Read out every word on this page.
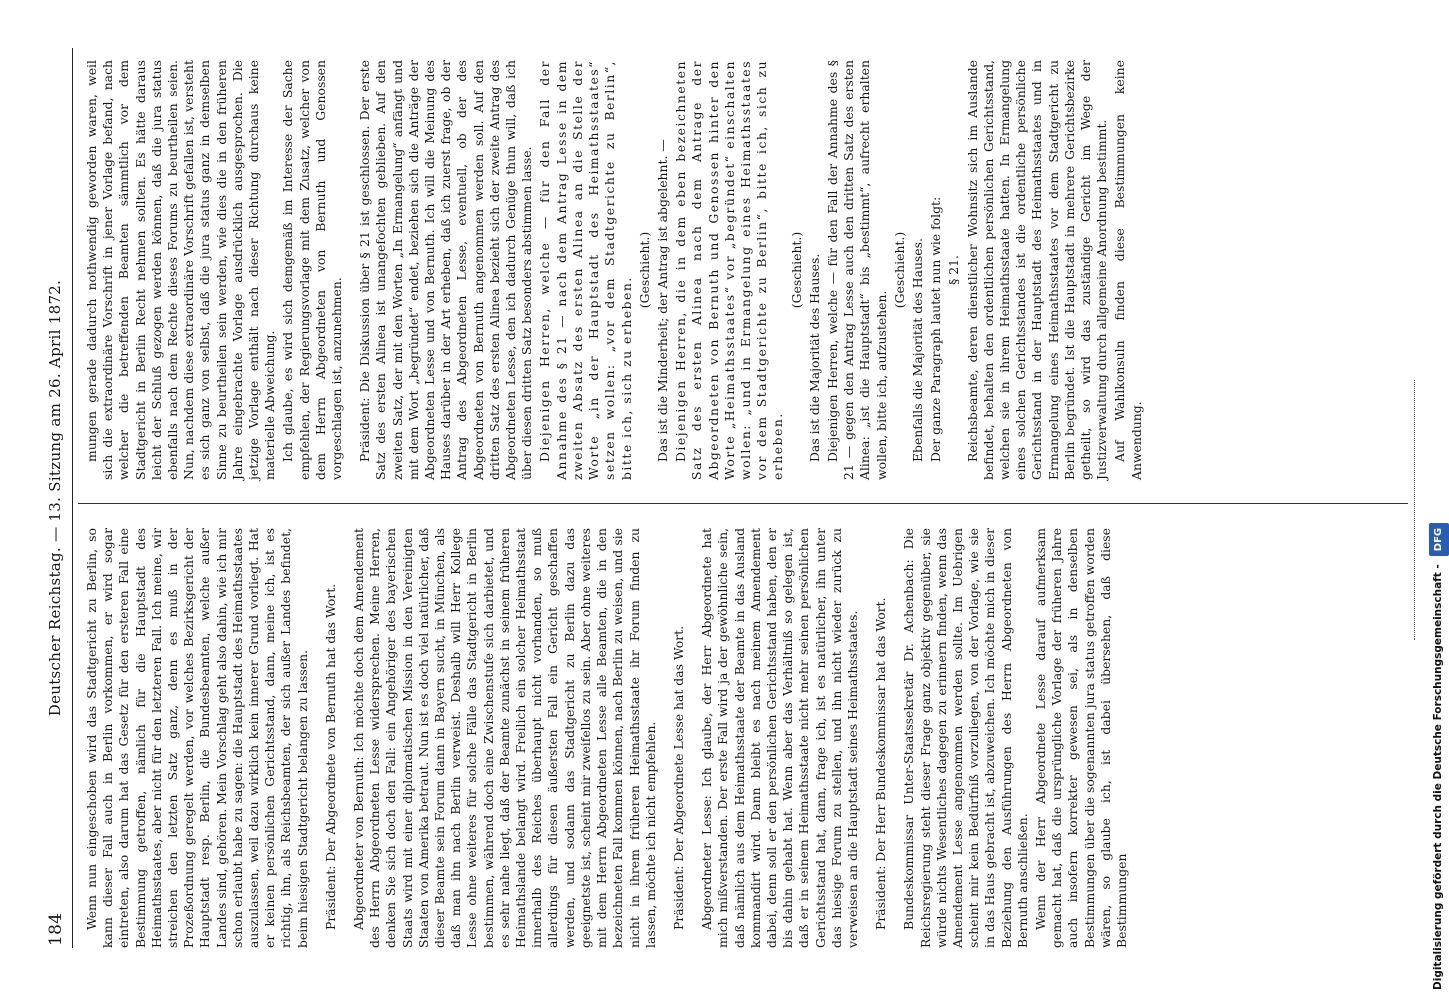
184
Deutscher Reichstag. — 13. Sitzung am 26. April 1872.

Wenn nun eingeschoben wird das Stadtgericht zu Berlin, so kann dieser Fall auch in Berlin vorkommen, er wird sogar eintreten, also darum hat das Gesetz für den ersteren Fall eine Bestimmung getroffen, nämlich für die Hauptstadt des Heimathsstaates, aber nicht für den letzteren Fall. Ich meine, wir streichen den letzten Satz ganz, denn es muß in der Prozeßordnung geregelt werden, vor welches Bezirksgericht der Hauptstadt resp. Berlin, die Bundesbeamten, welche außer Landes sind, gehören. Mein Vorschlag geht also dahin, wie ich mir schon erlaubt habe zu sagen: die Hauptstadt des Heimathsstaates auszulassen, weil dazu wirklich kein innerer Grund vorliegt. Hat er keinen persönlichen Gerichtsstand, dann, meine ich, ist es richtig, ihn, als Reichsbeamten, der sich außer Landes befindet, beim hiesigen Stadtgericht belangen zu lassen. Präsident: Der Abgeordnete von Bernuth hat das Wort. Abgeordneter von Bernuth: Ich möchte doch dem Amendement des Herrn Abgeordneten Lesse widersprechen. Meine Herren, denken Sie sich doch den Fall: ein Angehöriger des bayerischen Staats wird mit einer diplomatischen Mission in den Vereinigten Staaten von Amerika betraut. Nun ist es doch viel natürlicher, daß dieser Beamte sein Forum dann in Bayern sucht, in München, als daß man ihn nach Berlin verweist. Deshalb will Herr Kollege Lesse ohne weiteres für solche Fälle das Stadtgericht in Berlin bestimmen, während doch eine Zwischenstufe sich darbietet, und es sehr nahe liegt, daß der Beamte zunächst in seinem früheren Heimathslande belangt wird. Freilich ein solcher Heimathsstaat innerhalb des Reiches überhaupt nicht vorhanden, so muß allerdings für diesen äußersten Fall ein Gericht geschaffen werden, und sodann das Stadtgericht zu Berlin dazu das geeignetste ist, scheint mir zweifellos zu sein. Aber ohne weiteres mit dem Herrn Abgeordneten Lesse alle Beamten, die in den bezeichneten Fall kommen können, nach Berlin zu weisen, und sie nicht in ihrem früheren Heimathsstaate ihr Forum finden zu lassen, möchte ich nicht empfehlen. Präsident: Der Abgeordnete Lesse hat das Wort. Abgeordneter Lesse: Ich glaube, der Herr Abgeordnete hat mich mißverstanden. Der erste Fall wird ja der gewöhnliche sein, daß nämlich aus dem Heimathsstaate der Beamte in das Ausland kommandirt wird. Dann bleibt es nach meinem Amendement dabei, denn soll er den persönlichen Gerichtsstand haben, den er bis dahin gehabt hat. Wenn aber das Verhältniß so gelegen ist, daß er in seinem Heimathsstaate nicht mehr seinen persönlichen Gerichtsstand hat, dann, frage ich, ist es natürlicher, ihn unter das hiesige Forum zu stellen, und ihn nicht wieder zurück zu verweisen an die Hauptstadt seines Heimathsstaates. Präsident: Der Herr Bundeskommissar hat das Wort. Bundeskommissar Unter-Staatssekretär Dr. Achenbach: Die Reichsregierung steht dieser Frage ganz objektiv gegenüber, sie würde nichts Wesentliches dagegen zu erinnern finden, wenn das Amendement Lesse angenommen werden sollte. Im Uebrigen scheint mir kein Bedürfniß vorzuliegen, von der Vorlage, wie sie in das Haus gebracht ist, abzuweichen. Ich möchte mich in dieser Beziehung den Ausführungen des Herrn Abgeordneten von Bernuth anschließen. Wenn der Herr Abgeordnete Lesse darauf aufmerksam gemacht hat, daß die ursprüngliche Vorlage der früheren Jahre auch insofern korrekter gewesen sei, als in denselben Bestimmungen über die sogenannten jura status getroffen worden wären, so glaube ich, ist dabei übersehen, daß diese Bestimmungen

mungen gerade dadurch nothwendig geworden waren, weil sich die extraordinäre Vorschrift in jener Vorlage befand, nach welcher die betreffenden Beamten sämmtlich vor dem Stadtgericht in Berlin Recht nehmen sollten. Es hätte daraus leicht der Schluß gezogen werden können, daß die jura status ebenfalls nach dem Rechte dieses Forums zu beurtheilen seien. Nun, nachdem diese extraordinäre Vorschrift gefallen ist, versteht es sich ganz von selbst, daß die jura status ganz in demselben Sinne zu beurtheilen sein werden, wie dies die in den früheren Jahre eingebrachte Vorlage ausdrücklich ausgesprochen. Die jetzige Vorlage enthält nach dieser Richtung durchaus keine materielle Abweichung. Ich glaube, es wird sich demgemäß im Interesse der Sache empfehlen, der Regierungsvorlage mit dem Zusatz, welcher von dem Herrn Abgeordneten von Bernuth und Genossen vorgeschlagen ist, anzunehmen. Präsident: Die Diskussion über § 21 ist geschlossen. Der erste Satz des ersten Alinea ist unangefochten geblieben. Auf den zweiten Satz, der mit den Worten „In Ermangelung“ anfängt und mit dem Wort „begründet“ endet, beziehen sich die Anträge der Abgeordneten Lesse und von Bernuth. Ich will die Meinung des Hauses darüber in der Art erheben, daß ich zuerst frage, ob der Antrag des Abgeordneten Lesse, eventuell, ob der des Abgeordneten von Bernuth angenommen werden soll. Auf den dritten Satz des ersten Alinea bezieht sich der zweite Antrag des Abgeordneten Lesse, den ich dadurch Genüge thun will, daß ich über diesen dritten Satz besonders abstimmen lasse. Diejenigen Herren, welche — für den Fall der Annahme des § 21 — nach dem Antrag Lesse in dem zweiten Absatz des ersten Alinea an die Stelle der Worte „in der Hauptstadt des Heimathsstaates“ setzen wollen: „vor dem Stadtgerichte zu Berlin“, bitte ich, sich zu erheben.

(Geschieht.) Das ist die Minderheit; der Antrag ist abgelehnt. — Diejenigen Herren, die in dem eben bezeichneten Satz des ersten Alinea nach dem Antrage der Abgeordneten von Bernuth und Genossen hinter den Worte „Heimathsstaates“ vor „begründet“ einschalten wollen: „und in Ermangelung eines Heimathsstaates vor dem Stadtgerichte zu Berlin“, bitte ich, sich zu erheben.

(Geschieht.) Das ist die Majorität des Hauses. Diejenigen Herren, welche — für den Fall der Annahme des § 21 — gegen den Antrag Lesse auch den dritten Satz des ersten Alinea: „ist die Hauptstadt“ bis „bestimmt“, aufrecht erhalten wollen, bitte ich, aufzustehen.

(Geschieht.) Ebenfalls die Majorität des Hauses. Der ganze Paragraph lautet nun wie folgt: § 21. Reichsbeamte, deren dienstlicher Wohnsitz sich im Auslande befindet, behalten den ordentlichen persönlichen Gerichtsstand, welchen sie in ihrem Heimathsstaate hatten. In Ermangelung eines solchen Gerichtsstandes ist die ordentliche persönliche Gerichtsstand in der Hauptstadt des Heimathsstaates und in Ermangelung eines Heimathsstaates vor dem Stadtgericht zu Berlin begründet. Ist die Hauptstadt in mehrere Gerichtsbezirke getheilt, so wird das zuständige Gericht im Wege der Justizverwaltung durch allgemeine Anordnung bestimmt. Auf Wahlkonsuln finden diese Bestimmungen keine Anwendung.

Digitalisierung gefördert durch die Deutsche Forschungsgemeinschaft -DFG
